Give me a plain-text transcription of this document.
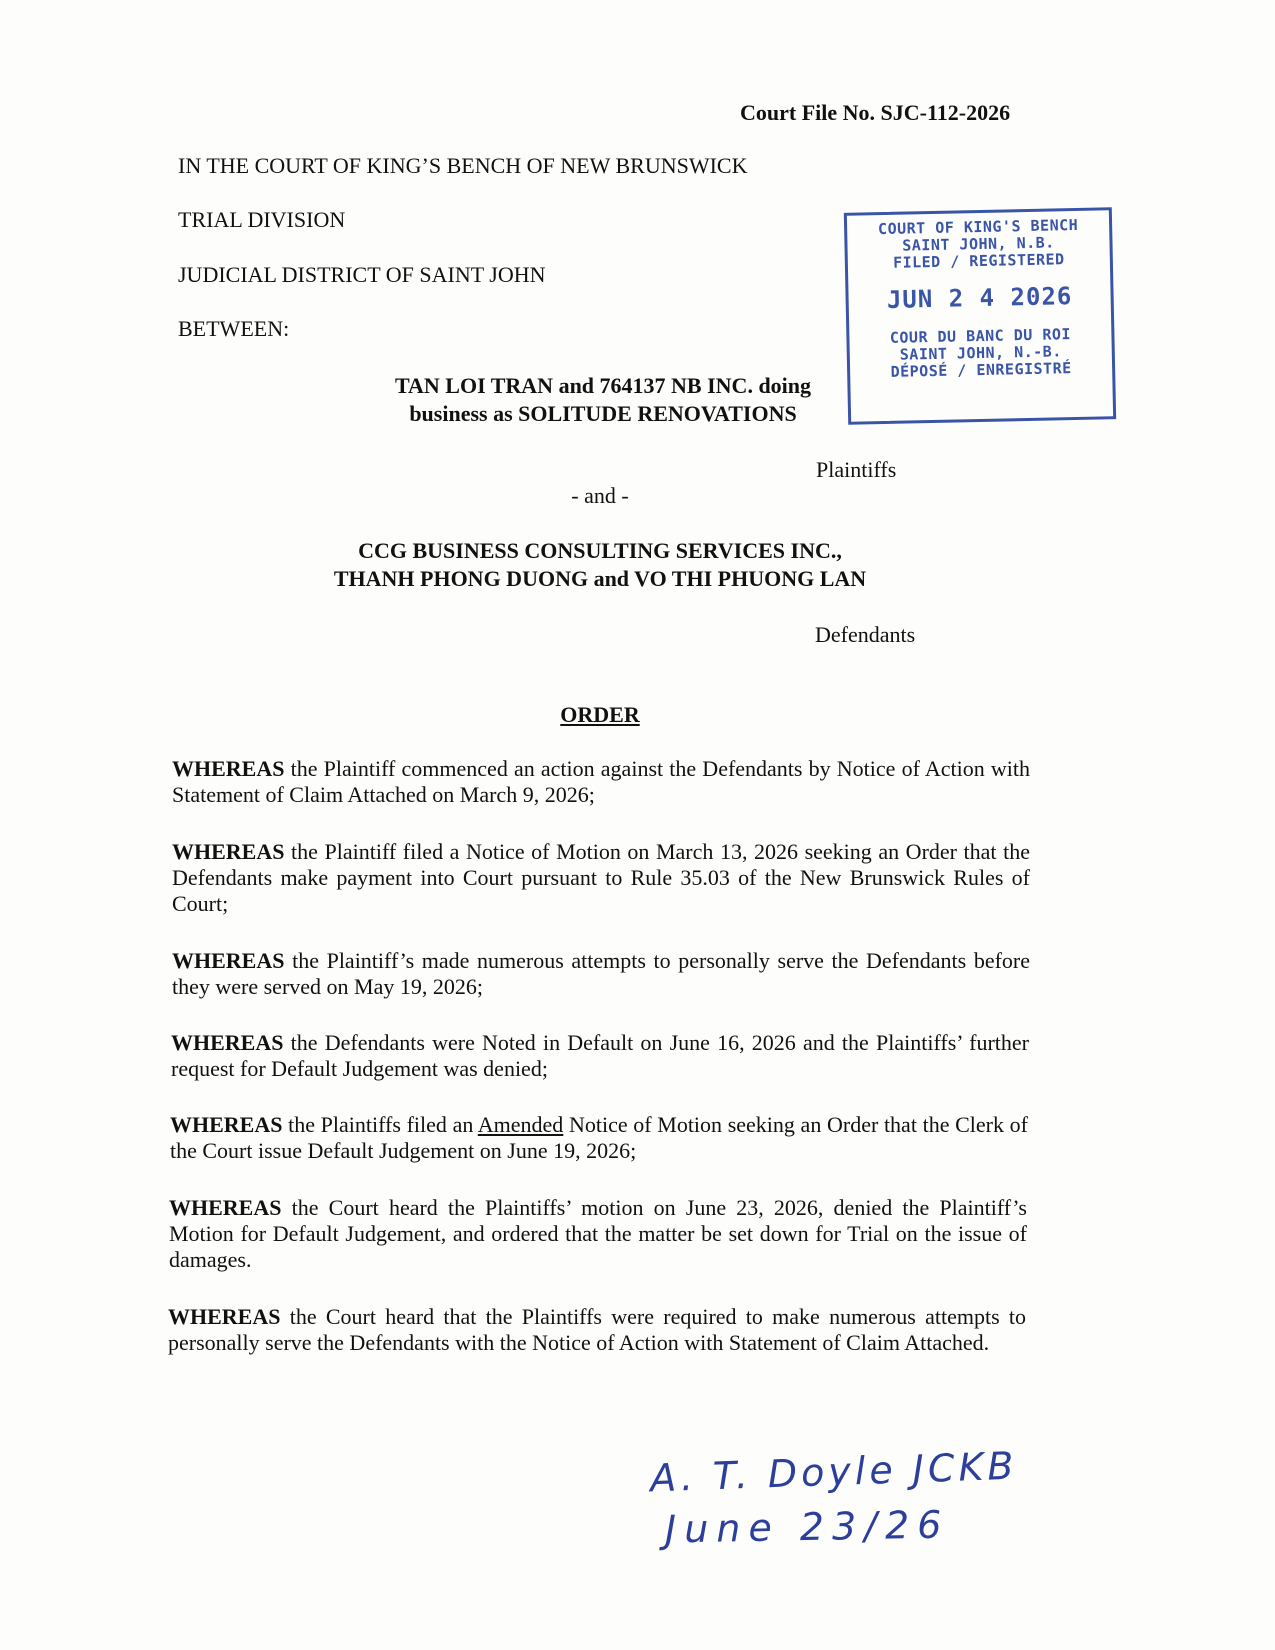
Court File No. SJC-112-2026
IN THE COURT OF KING’S BENCH OF NEW BRUNSWICK
TRIAL DIVISION
JUDICIAL DISTRICT OF SAINT JOHN
BETWEEN:
COURT OF KING'S BENCH
SAINT JOHN, N.B.
FILED / REGISTERED
JUN 2 4 2026
COUR DU BANC DU ROI
SAINT JOHN, N.-B.
DÉPOSÉ / ENREGISTRÉ
TAN LOI TRAN and 764137 NB INC. doing
business as SOLITUDE RENOVATIONS
Plaintiffs
- and -
CCG BUSINESS CONSULTING SERVICES INC.,
THANH PHONG DUONG and VO THI PHUONG LAN
Defendants
ORDER
WHEREAS the Plaintiff commenced an action against the Defendants by Notice of Action with Statement of Claim Attached on March 9, 2026;
WHEREAS the Plaintiff filed a Notice of Motion on March 13, 2026 seeking an Order that the Defendants make payment into Court pursuant to Rule 35.03 of the New Brunswick Rules of Court;
WHEREAS the Plaintiff’s made numerous attempts to personally serve the Defendants before they were served on May 19, 2026;
WHEREAS the Defendants were Noted in Default on June 16, 2026 and the Plaintiffs’ further request for Default Judgement was denied;
WHEREAS the Plaintiffs filed an Amended Notice of Motion seeking an Order that the Clerk of the Court issue Default Judgement on June 19, 2026;
WHEREAS the Court heard the Plaintiffs’ motion on June 23, 2026, denied the Plaintiff’s Motion for Default Judgement, and ordered that the matter be set down for Trial on the issue of damages.
WHEREAS the Court heard that the Plaintiffs were required to make numerous attempts to personally serve the Defendants with the Notice of Action with Statement of Claim Attached.
A. T. Doyle JCKB
June 23/26
